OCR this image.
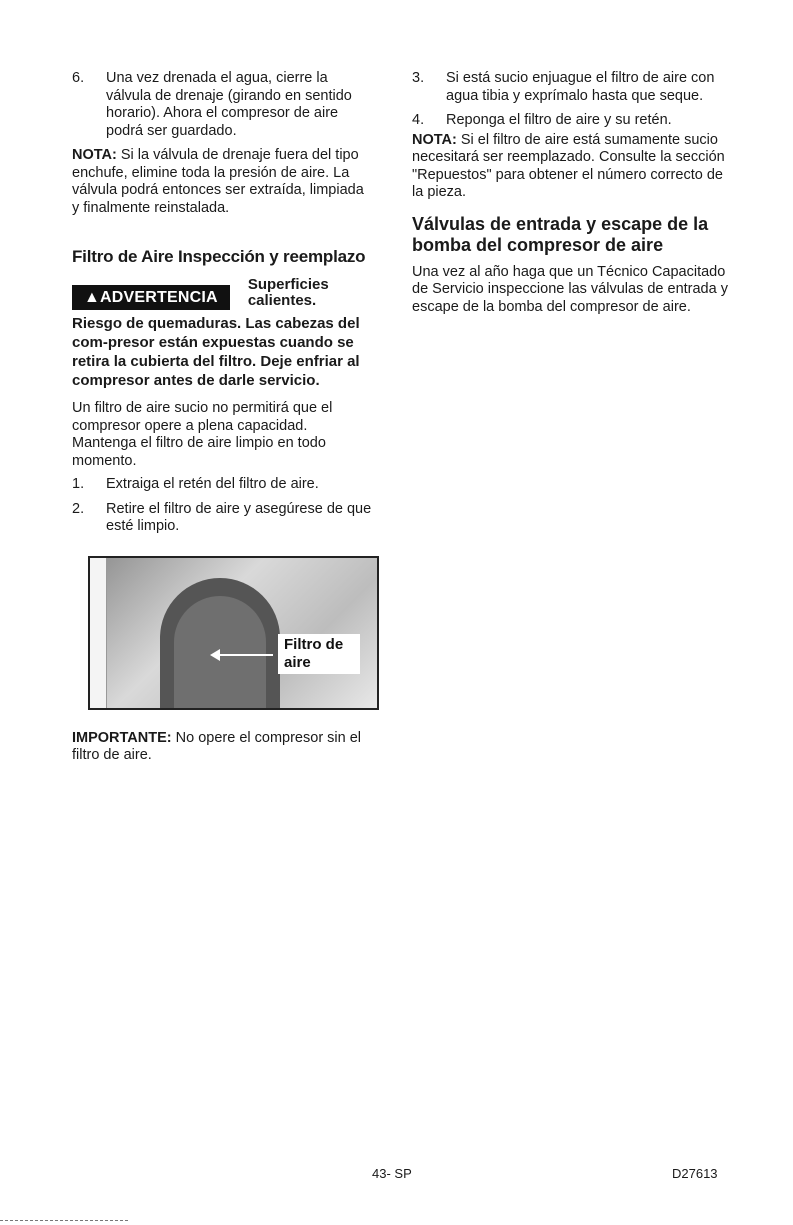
6.	Una vez drenada el agua, cierre la válvula de drenaje (girando en sentido horario). Ahora el compresor de aire podrá ser guardado.

NOTA: Si la válvula de drenaje fuera del tipo enchufe, elimine toda la presión de aire. La válvula podrá entonces ser extraída, limpiada y finalmente reinstalada.

Filtro de Aire Inspección y reemplazo
▲ADVERTENCIA
Superficies calientes.
Riesgo de quemaduras. Las cabezas del com-presor están expuestas cuando se retira la cubierta del filtro. Deje enfriar al compresor antes de darle servicio.

Un filtro de aire sucio no permitirá que el compresor opere a plena capacidad. Mantenga el filtro de aire limpio en todo momento.

1.	Extraiga el retén del filtro de aire.
2.	Retire el filtro de aire y asegúrese de que esté limpio.
Filtro de aire

IMPORTANTE: No opere el compresor sin el filtro de aire.

3.	Si está sucio enjuague el filtro de aire con agua tibia y exprímalo hasta que seque.
4.	Reponga el filtro de aire y su retén.

NOTA: Si el filtro de aire está sumamente sucio necesitará ser reemplazado. Consulte la sección "Repuestos" para obtener el número correcto de la pieza.

Válvulas de entrada y escape de la bomba del compresor de aire

Una vez al año haga que un Técnico Capacitado de Servicio inspeccione las válvulas de entrada y escape de la bomba del compresor de aire.

43- SP	D27613
